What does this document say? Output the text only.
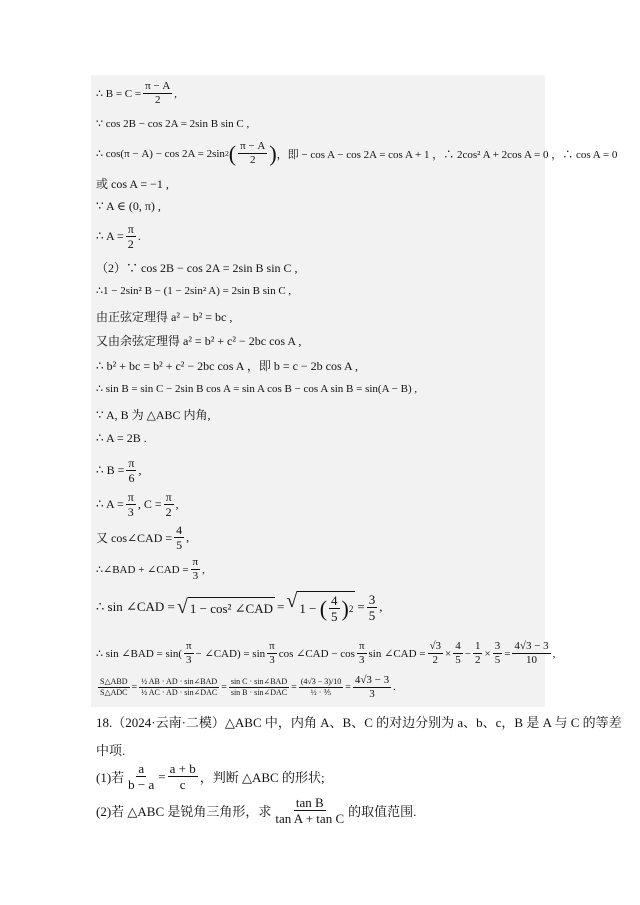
∴ $B = C = \frac{\pi - A}{2}$ ,
∵ cos 2B − cos 2A = 2sin B sin C ,
∴ cos(π − A) − cos 2A = 2sin 2 ( $\frac{\pi - A}{2}$ ) ，即 − cos A − cos 2A = cos A + 1 ，∴ 2cos² A + 2cos A = 0 ，∴ cos A = 0
或 cos A = −1 ,
∵ A ∈ (0, π) ,
∴ $A = \frac{\pi}{2}$ .
（2）∵ cos 2B − cos 2A = 2sin B sin C ,
∴1 − 2sin² B − (1 − 2sin² A) = 2sin B sin C ,
由正弦定理得 a² − b² = bc ,
又由余弦定理得 a² = b² + c² − 2bc cos A ,
∴ b² + bc = b² + c² − 2bc cos A ，即 b = c − 2b cos A ,
∴ sin B = sin C − 2sin B cos A = sin A cos B − cos A sin B = sin(A − B) ,
∵ A, B 为 △ABC 内角,
∴ A = 2B .
∴ $B = \frac{\pi}{6}$ ,
∴ $A = \frac{\pi}{3}$ , $C = \frac{\pi}{2}$ ,
又 cos∠CAD = $\frac{4}{5}$ ,
∴∠BAD + ∠CAD = $\frac{\pi}{3}$ ,
∴ sin ∠CAD = √ 1 − cos² ∠CAD = √ 1 − ( $\frac{4}{5}$ ) $2 = \frac{3}{5}$ ,
∴ sin ∠BAD = $\sin( \frac{\pi}{3}$ − ∠CAD) = $\sin \frac{\pi}{3}$ cos ∠CAD − $\cos \frac{\pi}{3}$ sin ∠CAD = $\frac{√3}{2} \times \frac{4}{5} - \frac{1}{2} \times \frac{3}{5} = \frac{4√3 - 3}{10}$ ,
$\frac{\text{S△ABD}}{\text{S△ADC}} = \frac{\text{½ AB · AD · sin∠BAD}}{\text{½ AC · AD · sin∠DAC}} = \frac{\text{sin C · sin∠BAD}}{\text{sin B · sin∠DAC}} = \frac{(4√3 - 3)/10}{\text{½ · ⅗}} = \frac{4√3 - 3}{3}$ .
18.（2024·云南·二模）△ABC 中，内角 A、B、C 的对边分别为 a、b、c，B 是 A 与 C 的等差
中项.
(1)若 $\frac{a}{b - a} = \frac{a + b}{c}$ ，判断 △ABC 的形状;
(2)若 △ABC 是锐角三角形，求 $\frac{\text{tan B}}{\text{tan A + tan C}}$ 的取值范围.
